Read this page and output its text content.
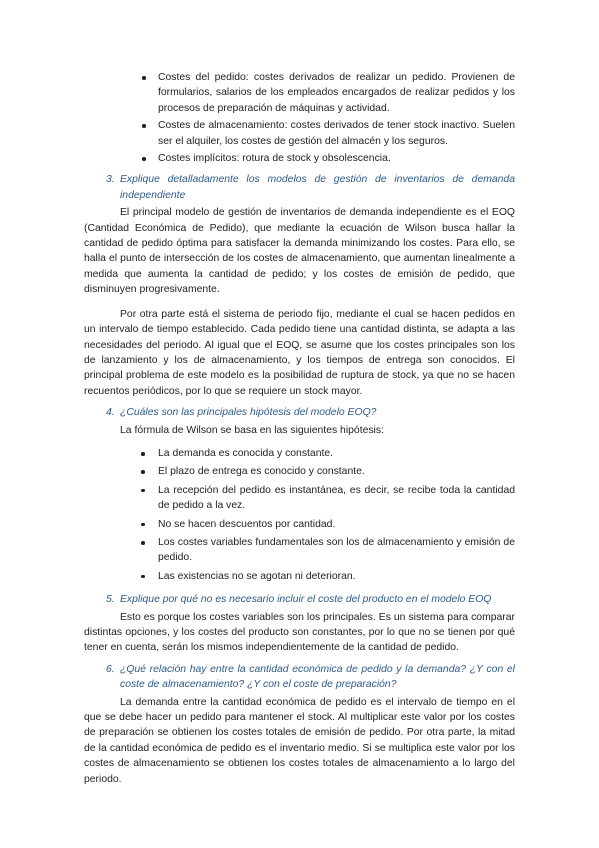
Costes del pedido: costes derivados de realizar un pedido. Provienen de formularios, salarios de los empleados encargados de realizar pedidos y los procesos de preparación de máquinas y actividad.
Costes de almacenamiento: costes derivados de tener stock inactivo. Suelen ser el alquiler, los costes de gestión del almacén y los seguros.
Costes implícitos: rotura de stock y obsolescencia.
3. Explique detalladamente los modelos de gestión de inventarios de demanda independiente

El principal modelo de gestión de inventarios de demanda independiente es el EOQ (Cantidad Económica de Pedido), que mediante la ecuación de Wilson busca hallar la cantidad de pedido óptima para satisfacer la demanda minimizando los costes. Para ello, se halla el punto de intersección de los costes de almacenamiento, que aumentan linealmente a medida que aumenta la cantidad de pedido; y los costes de emisión de pedido, que disminuyen progresivamente.

Por otra parte está el sistema de periodo fijo, mediante el cual se hacen pedidos en un intervalo de tiempo establecido. Cada pedido tiene una cantidad distinta, se adapta a las necesidades del periodo. Al igual que el EOQ, se asume que los costes principales son los de lanzamiento y los de almacenamiento, y los tiempos de entrega son conocidos. El principal problema de este modelo es la posibilidad de ruptura de stock, ya que no se hacen recuentos periódicos, por lo que se requiere un stock mayor.

4. ¿Cuáles son las principales hipótesis del modelo EOQ?

La fórmula de Wilson se basa en las siguientes hipótesis:

La demanda es conocida y constante.
El plazo de entrega es conocido y constante.
La recepción del pedido es instantánea, es decir, se recibe toda la cantidad de pedido a la vez.
No se hacen descuentos por cantidad.
Los costes variables fundamentales son los de almacenamiento y emisión de pedido.
Las existencias no se agotan ni deterioran.
5. Explique por qué no es necesario incluir el coste del producto en el modelo EOQ

Esto es porque los costes variables son los principales. Es un sistema para comparar distintas opciones, y los costes del producto son constantes, por lo que no se tienen por qué tener en cuenta, serán los mismos independientemente de la cantidad de pedido.

6. ¿Qué relación hay entre la cantidad económica de pedido y la demanda? ¿Y con el coste de almacenamiento? ¿Y con el coste de preparación?

La demanda entre la cantidad económica de pedido es el intervalo de tiempo en el que se debe hacer un pedido para mantener el stock. Al multiplicar este valor por los costes de preparación se obtienen los costes totales de emisión de pedido. Por otra parte, la mitad de la cantidad económica de pedido es el inventario medio. Si se multiplica este valor por los costes de almacenamiento se obtienen los costes totales de almacenamiento a lo largo del periodo.
